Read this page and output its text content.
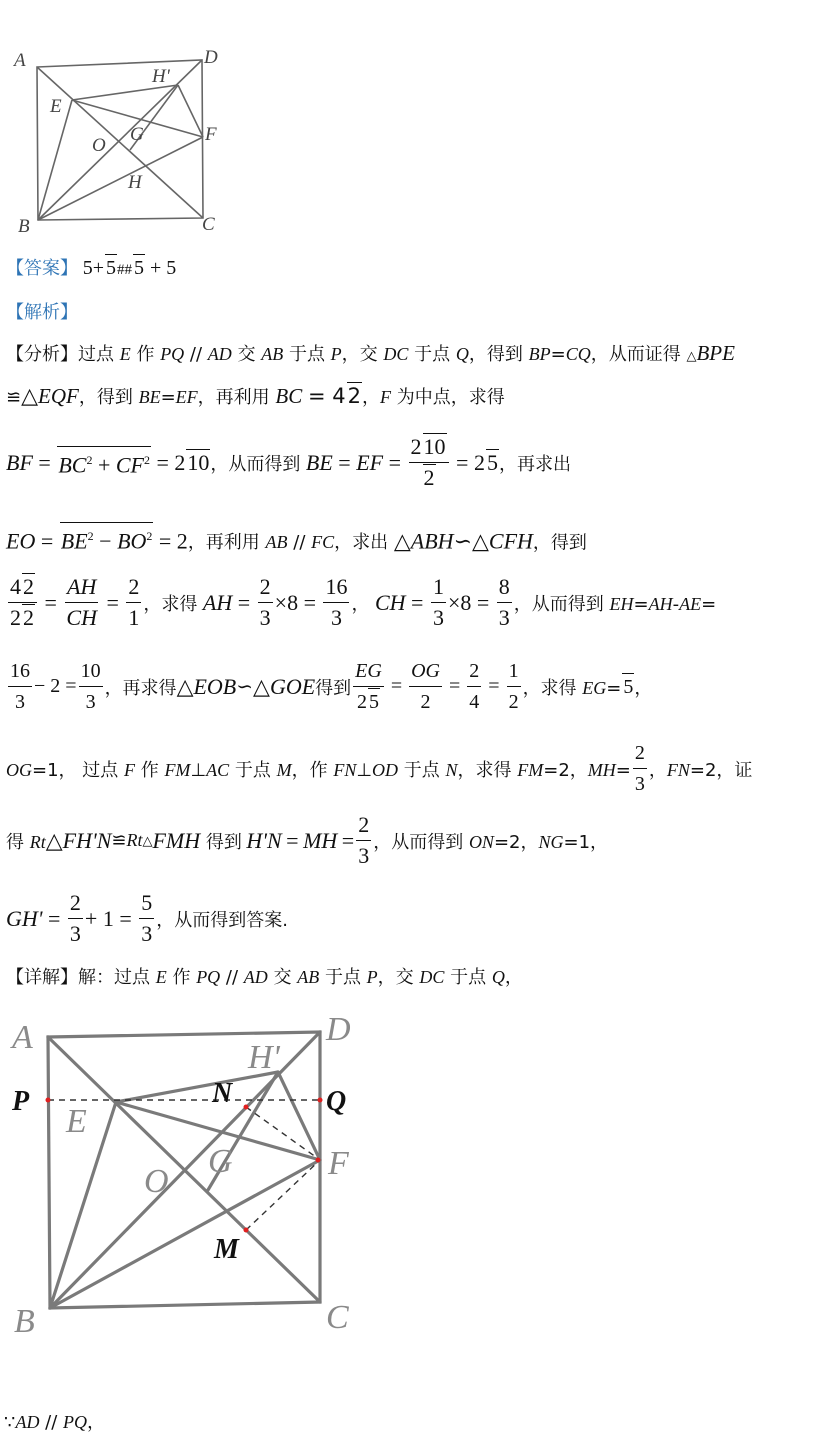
A	D
H'
E
F
O
G
H
B	C
【答案】 5+ 5## 5 + 5
【解析】
【分析】过点 E 作 PQ // AD 交 AB 于点 P，交 DC 于点 Q，得到 BP=CQ，从而证得 △BPE
≌△EQF，得到 BE=EF，再利用 BC = 42，F 为中点，求得
BF = $BC^2 + CF^2 = 2$ 10 ，从而得到
BE = EF = $\frac{210}{2} = 2$ 5 ，再求出
EO = $BE^2 - BO^2 = 2$，再利用 AB // FC，求出 △ABH∽△CFH，得到
$\frac{42}{22} = \frac{AH}{CH} = \frac{2}{1}$ ，求得
AH = $\frac{2}{3} \times 8 = \frac{16}{3}$ ，
CH = $\frac{1}{3} \times 8 = \frac{8}{3}$ ，从而得到 EH=AH-AE=
$\frac{16}{3} - 2 = \frac{10}{3}$ ，再求得 △ EOB ∽ △ GOE 得到 $\frac{EG}{2 5} = \frac{OG}{2} = \frac{2}{4} = \frac{1}{2}$ ，求得 EG= 5 ，
OG=1， 过点 F 作 FM⊥AC 于点 M，作 FN⊥OD 于点 N，求得 FM=2，$MH= \frac{2}{3}$ ，FN=2，证
得 Rt △ FH'N ≌Rt △ FMH 得到
H'N
=
MH
= $\frac{2}{3}$ ，从而得到 ON=2，NG=1，
$GH' = \frac{2}{3} + 1 = \frac{5}{3}$ ，从而得到答案.
【详解】解：过点 E 作 PQ // AD 交 AB 于点 P，交 DC 于点 Q，
A	D
H'
E
G	F
O
B	C
P	N	Q
M
∵AD // PQ，
